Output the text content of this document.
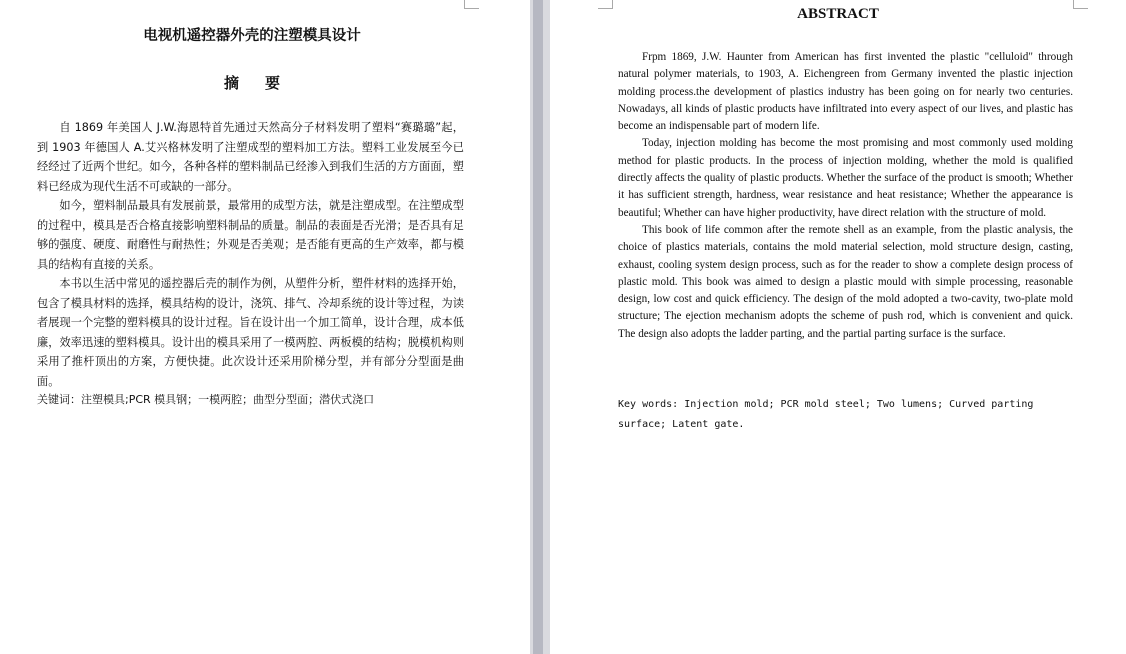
电视机遥控器外壳的注塑模具设计
摘要

自 1869 年美国人 J.W.海恩特首先通过天然高分子材料发明了塑料“赛璐璐”起，到 1903 年德国人 A.艾兴格林发明了注塑成型的塑料加工方法。塑料工业发展至今已经经过了近两个世纪。如今，各种各样的塑料制品已经渗入到我们生活的方方面面，塑料已经成为现代生活不可或缺的一部分。

如今，塑料制品最具有发展前景，最常用的成型方法，就是注塑成型。在注塑成型的过程中，模具是否合格直接影响塑料制品的质量。制品的表面是否光滑；是否具有足够的强度、硬度、耐磨性与耐热性；外观是否美观；是否能有更高的生产效率，都与模具的结构有直接的关系。

本书以生活中常见的遥控器后壳的制作为例，从塑件分析，塑件材料的选择开始，包含了模具材料的选择，模具结构的设计，浇筑、排气、冷却系统的设计等过程，为读者展现一个完整的塑料模具的设计过程。旨在设计出一个加工简单，设计合理，成本低廉，效率迅速的塑料模具。设计出的模具采用了一模两腔、两板模的结构；脱模机构则采用了推杆顶出的方案，方便快捷。此次设计还采用阶梯分型，并有部分分型面是曲面。

关键词：注塑模具;PCR 模具钢；一模两腔；曲型分型面；潜伏式浇口
ABSTRACT

Frpm 1869, J.W. Haunter from American has first invented the plastic "celluloid" through natural polymer materials, to 1903, A. Eichengreen from Germany invented the plastic injection molding process.the development of plastics industry has been going on for nearly two centuries. Nowadays, all kinds of plastic products have infiltrated into every aspect of our lives, and plastic has become an indispensable part of modern life.

Today, injection molding has become the most promising and most commonly used molding method for plastic products. In the process of injection molding, whether the mold is qualified directly affects the quality of plastic products. Whether the surface of the product is smooth; Whether it has sufficient strength, hardness, wear resistance and heat resistance; Whether the appearance is beautiful; Whether can have higher productivity, have direct relation with the structure of mold.

This book of life common after the remote shell as an example, from the plastic analysis, the choice of plastics materials, contains the mold material selection, mold structure design, casting, exhaust, cooling system design process, such as for the reader to show a complete design process of plastic mold. This book was aimed to design a plastic mould with simple processing, reasonable design, low cost and quick efficiency. The design of the mold adopted a two-cavity, two-plate mold structure; The ejection mechanism adopts the scheme of push rod, which is convenient and quick. The design also adopts the ladder parting, and the partial parting surface is the surface.

Key words: Injection mold; PCR mold steel; Two lumens; Curved parting surface; Latent gate.
